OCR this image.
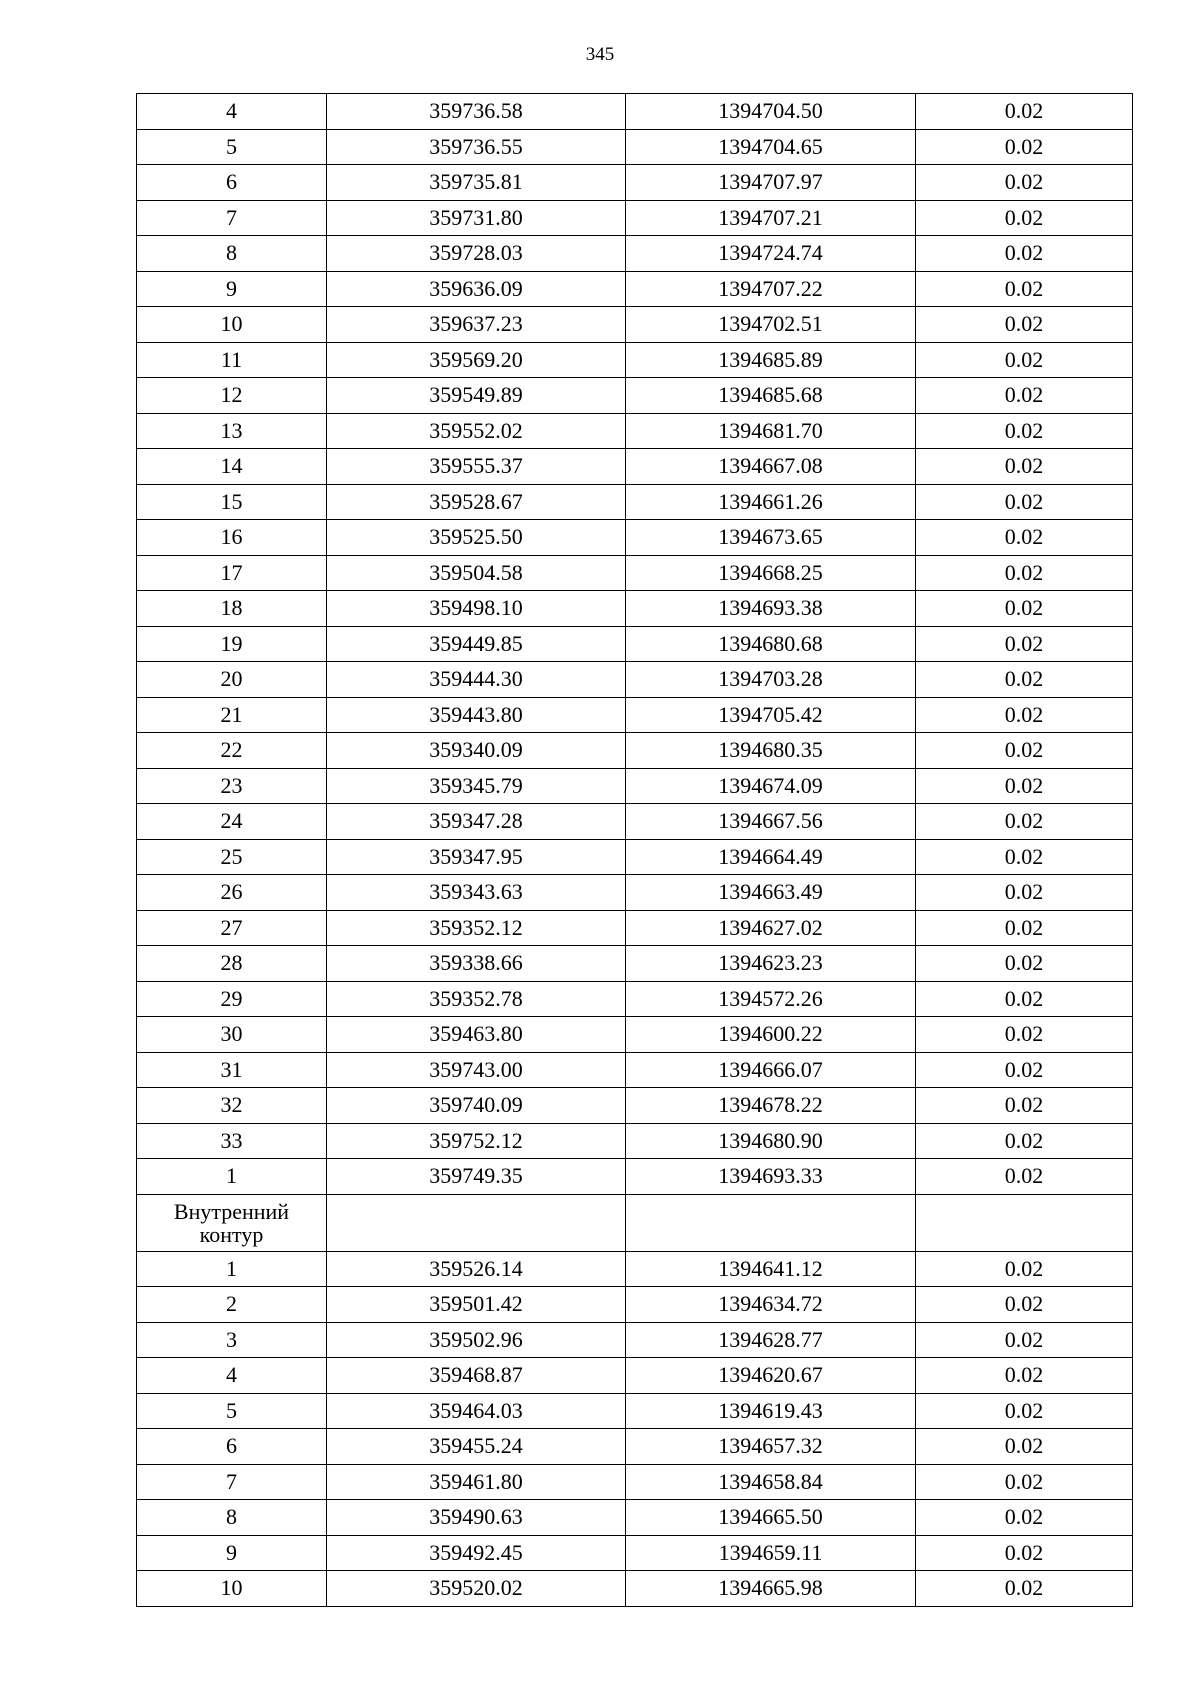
345
4	359736.58	1394704.50	0.02
5	359736.55	1394704.65	0.02
6	359735.81	1394707.97	0.02
7	359731.80	1394707.21	0.02
8	359728.03	1394724.74	0.02
9	359636.09	1394707.22	0.02
10	359637.23	1394702.51	0.02
11	359569.20	1394685.89	0.02
12	359549.89	1394685.68	0.02
13	359552.02	1394681.70	0.02
14	359555.37	1394667.08	0.02
15	359528.67	1394661.26	0.02
16	359525.50	1394673.65	0.02
17	359504.58	1394668.25	0.02
18	359498.10	1394693.38	0.02
19	359449.85	1394680.68	0.02
20	359444.30	1394703.28	0.02
21	359443.80	1394705.42	0.02
22	359340.09	1394680.35	0.02
23	359345.79	1394674.09	0.02
24	359347.28	1394667.56	0.02
25	359347.95	1394664.49	0.02
26	359343.63	1394663.49	0.02
27	359352.12	1394627.02	0.02
28	359338.66	1394623.23	0.02
29	359352.78	1394572.26	0.02
30	359463.80	1394600.22	0.02
31	359743.00	1394666.07	0.02
32	359740.09	1394678.22	0.02
33	359752.12	1394680.90	0.02
1	359749.35	1394693.33	0.02
Внутренний
контур			
1	359526.14	1394641.12	0.02
2	359501.42	1394634.72	0.02
3	359502.96	1394628.77	0.02
4	359468.87	1394620.67	0.02
5	359464.03	1394619.43	0.02
6	359455.24	1394657.32	0.02
7	359461.80	1394658.84	0.02
8	359490.63	1394665.50	0.02
9	359492.45	1394659.11	0.02
10	359520.02	1394665.98	0.02
